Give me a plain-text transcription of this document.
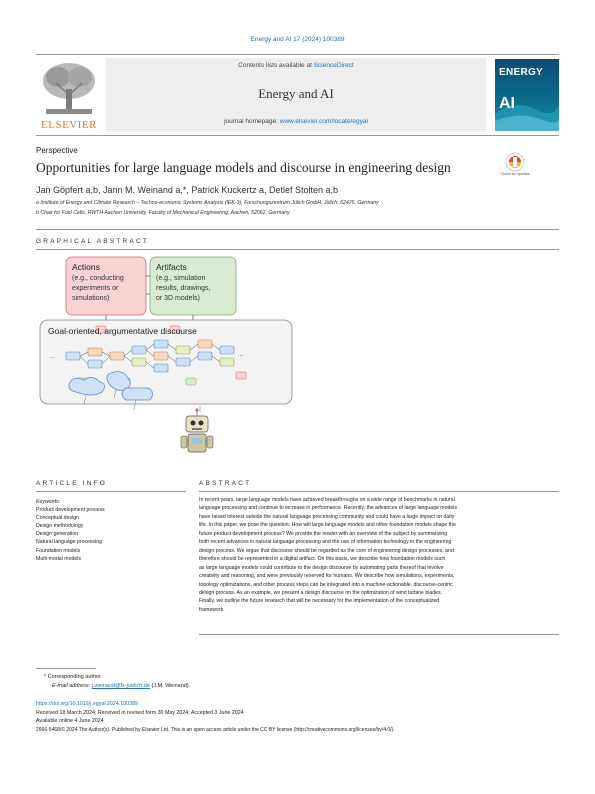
Energy and AI 17 (2024) 100389
ELSEVIER
Contents lists available at ScienceDirect
Energy and AI
journal homepage: www.elsevier.com/locate/egyai
ENERGY
AI
Perspective
Opportunities for large language models and discourse in engineering design	Check for updates
Jan Göpfert a,b, Jann M. Weinand a,*, Patrick Kuckertz a, Detlef Stolten a,b
a Institute of Energy and Climate Research – Techno-economic Systems Analysis (IEK-3), Forschungszentrum Jülich GmbH, Jülich, 52425, Germany
b Chair for Fuel Cells, RWTH Aachen University, Faculty of Mechanical Engineering, Aachen, 52062, Germany
GRAPHICAL ABSTRACT
...	...
Actions
(e.g., conducting
experiments or
simulations)
Artifacts
(e.g., simulation
results, drawings,
or 3D models)
Goal-oriented, argumentative discourse
ARTICLE INFO	ABSTRACT
Keywords:
Product development process
Conceptual design
Design methodology
Design generation
Natural language processing
Foundation models
Multi-modal models
In recent years, large language models have achieved breakthroughs on a wide range of benchmarks in natural
language processing and continue to increase in performance. Recently, the advances of large language models
have raised interest outside the natural language processing community and could have a large impact on daily
life. In this paper, we pose the question: How will large language models and other foundation models shape the
future product development process? We provide the reader with an overview of the subject by summarizing
both recent advances in natural language processing and the use of information technology in the engineering
design process. We argue that discourse should be regarded as the core of engineering design processes, and
therefore should be represented in a digital artifact. On this basis, we describe how foundation models such
as large language models could contribute to the design discourse by automating parts thereof that involve
creativity and reasoning, and were previously reserved for humans. We describe how simulations, experiments,
topology optimizations, and other process steps can be integrated into a machine-actionable, discourse-centric
design process. As an example, we present a design discourse on the optimization of wind turbine blades.
Finally, we outline the future research that will be necessary for the implementation of the conceptualized
framework.
* Corresponding author.
E-mail address: j.weinand@fz-juelich.de (J.M. Weinand).
https://doi.org/10.1016/j.egyai.2024.100389
Received 18 March 2024; Received in revised form 30 May 2024; Accepted 3 June 2024
Available online 4 June 2024
2666-5468/© 2024 The Author(s). Published by Elsevier Ltd. This is an open access article under the CC BY license (http://creativecommons.org/licenses/by/4.0/).
